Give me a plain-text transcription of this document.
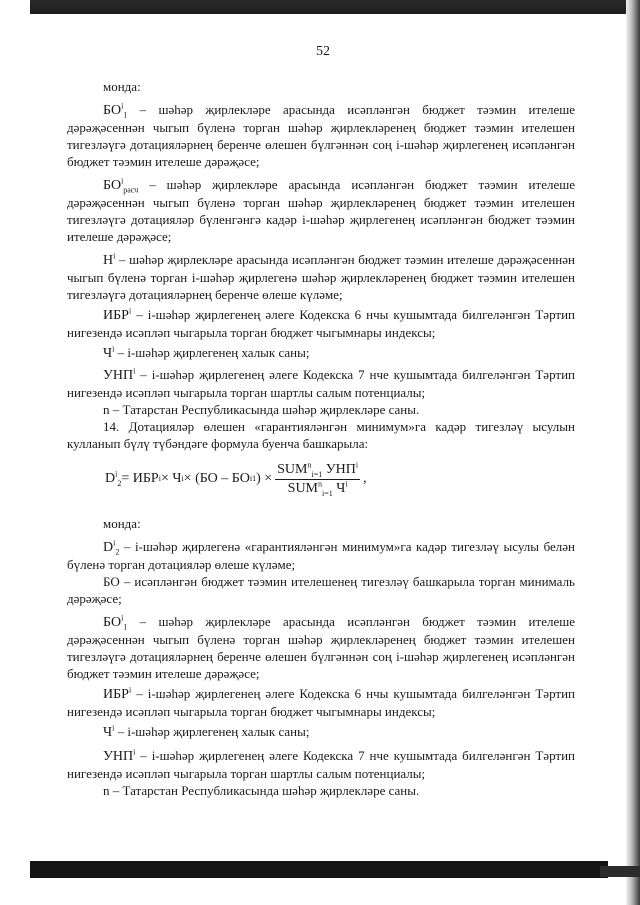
52

монда:

$БО^i_1$ – шәһәр җирлекләре арасында исәпләнгән бюджет тәэмин ителеше дәрәҗәсеннән чыгып бүленә торган шәһәр җирлекләренең бюджет тәэмин ителешен тигезләүгә дотацияләрнең беренче өлешен бүлгәннән соң i-шәһәр җирлегенең исәпләнгән бюджет тәэмин ителеше дәрәҗәсе;

$БО^i_{расч}$ – шәһәр җирлекләре арасында исәпләнгән бюджет тәэмин ителеше дәрәҗәсеннән чыгып бүленә торган шәһәр җирлекләренең бюджет тәэмин ителешен тигезләүгә дотацияләр бүленгәнгә кадәр i-шәһәр җирлегенең исәпләнгән бюджет тәэмин ителеше дәрәҗәсе;

$Н^i$ – шәһәр җирлекләре арасында исәпләнгән бюджет тәэмин ителеше дәрәҗәсеннән чыгып бүленә торган i-шәһәр җирлегенә шәһәр җирлекләренең бюджет тәэмин ителешен тигезләүгә дотацияләрнең беренче өлеше күләме;

ИБР$^i$ – i-шәһәр җирлегенең әлеге Кодекска 6 нчы кушымтада билгеләнгән Тәртип нигезендә исәпләп чыгарыла торган бюджет чыгымнары индексы;

$Ч^i$ – i-шәһәр җирлегенең халык саны;

УНП$^i$ – i-шәһәр җирлегенең әлеге Кодекска 7 нче кушымтада билгеләнгән Тәртип нигезендә исәпләп чыгарыла торган шартлы салым потенциалы;

n – Татарстан Республикасында шәһәр җирлекләре саны.

14. Дотацияләр өлешен «гарантияләнгән минимум»га кадәр тигезләү ысулын кулланып бүлү түбәндәге формула буенча башкарыла:

$D^i_2$ = ИБР i × Ч i × (БО – БО i 1 ) × $\frac{SUM^n_{i=1} УНП^i}{SUM^n_{i=1} Ч^i}$ ,

монда:

$D^i_2$ – i-шәһәр җирлегенә «гарантияләнгән минимум»га кадәр тигезләү ысулы белән бүленә торган дотацияләр өлеше күләме;

БО – исәпләнгән бюджет тәэмин ителешенең тигезләү башкарыла торган минималь дәрәҗәсе;

$БО^i_1$ – шәһәр җирлекләре арасында исәпләнгән бюджет тәэмин ителеше дәрәҗәсеннән чыгып бүленә торган шәһәр җирлекләренең бюджет тәэмин ителешен тигезләүгә дотацияләрнең беренче өлешен бүлгәннән соң i-шәһәр җирлегенең исәпләнгән бюджет тәэмин ителеше дәрәҗәсе;

ИБР$^i$ – i-шәһәр җирлегенең әлеге Кодекска 6 нчы кушымтада билгеләнгән Тәртип нигезендә исәпләп чыгарыла торган бюджет чыгымнары индексы;

$Ч^i$ – i-шәһәр җирлегенең халык саны;

УНП$^i$ – i-шәһәр җирлегенең әлеге Кодекска 7 нче кушымтада билгеләнгән Тәртип нигезендә исәпләп чыгарыла торган шартлы салым потенциалы;

n – Татарстан Республикасында шәһәр җирлекләре саны.
